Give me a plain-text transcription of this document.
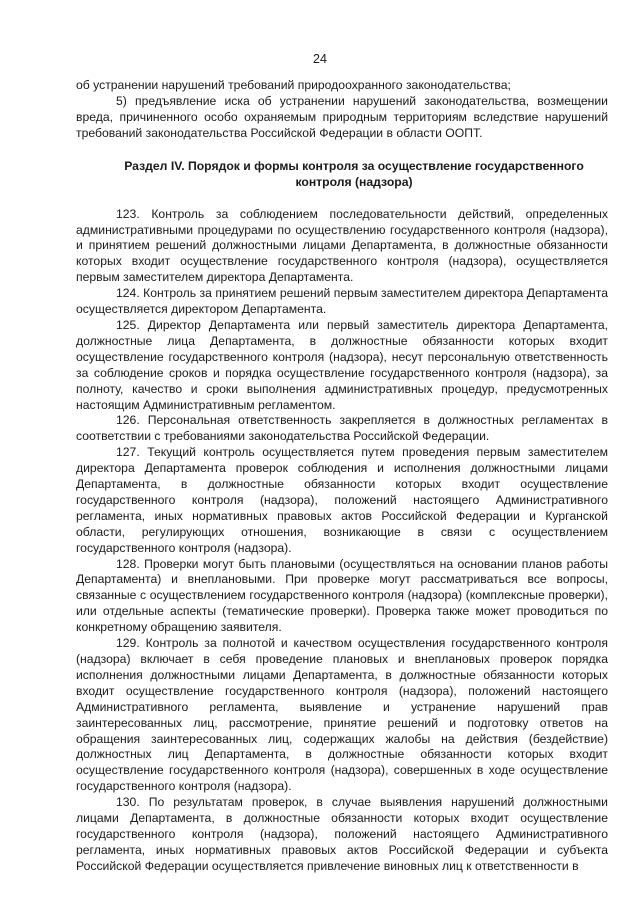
24

об устранении нарушений требований природоохранного законодательства;

5) предъявление иска об устранении нарушений законодательства, возмещении вреда, причиненного особо охраняемым природным территориям вследствие нарушений требований законодательства Российской Федерации в области ООПТ.

Раздел IV. Порядок и формы контроля за осуществление государственного контроля (надзора)

123. Контроль за соблюдением последовательности действий, определенных административными процедурами по осуществлению государственного контроля (надзора), и принятием решений должностными лицами Департамента, в должностные обязанности которых входит осуществление государственного контроля (надзора), осуществляется первым заместителем директора Департамента.

124. Контроль за принятием решений первым заместителем директора Департамента осуществляется директором Департамента.

125. Директор Департамента или первый заместитель директора Департамента, должностные лица Департамента, в должностные обязанности которых входит осуществление государственного контроля (надзора), несут персональную ответственность за соблюдение сроков и порядка осуществление государственного контроля (надзора), за полноту, качество и сроки выполнения административных процедур, предусмотренных настоящим Административным регламентом.

126. Персональная ответственность закрепляется в должностных регламентах в соответствии с требованиями законодательства Российской Федерации.

127. Текущий контроль осуществляется путем проведения первым заместителем директора Департамента проверок соблюдения и исполнения должностными лицами Департамента, в должностные обязанности которых входит осуществление государственного контроля (надзора), положений настоящего Административного регламента, иных нормативных правовых актов Российской Федерации и Курганской области, регулирующих отношения, возникающие в связи с осуществлением государственного контроля (надзора).

128. Проверки могут быть плановыми (осуществляться на основании планов работы Департамента) и внеплановыми. При проверке могут рассматриваться все вопросы, связанные с осуществлением государственного контроля (надзора) (комплексные проверки), или отдельные аспекты (тематические проверки). Проверка также может проводиться по конкретному обращению заявителя.

129. Контроль за полнотой и качеством осуществления государственного контроля (надзора) включает в себя проведение плановых и внеплановых проверок порядка исполнения должностными лицами Департамента, в должностные обязанности которых входит осуществление государственного контроля (надзора), положений настоящего Административного регламента, выявление и устранение нарушений прав заинтересованных лиц, рассмотрение, принятие решений и подготовку ответов на обращения заинтересованных лиц, содержащих жалобы на действия (бездействие) должностных лиц Департамента, в должностные обязанности которых входит осуществление государственного контроля (надзора), совершенных в ходе осуществление государственного контроля (надзора).

130. По результатам проверок, в случае выявления нарушений должностными лицами Департамента, в должностные обязанности которых входит осуществление государственного контроля (надзора), положений настоящего Административного регламента, иных нормативных правовых актов Российской Федерации и субъекта Российской Федерации осуществляется привлечение виновных лиц к ответственности в
